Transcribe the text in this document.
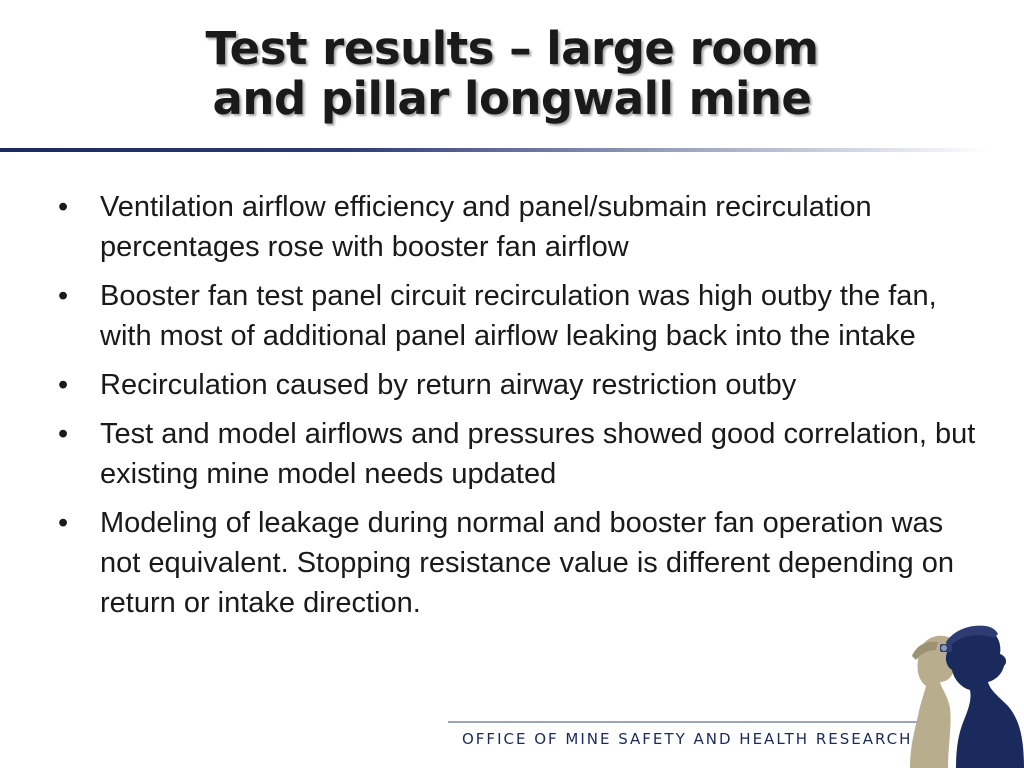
Test results – large room
and pillar longwall mine
• Ventilation airflow efficiency and panel/submain recirculation percentages rose with booster fan airflow
• Booster fan test panel circuit recirculation was high outby the fan, with most of additional panel airflow leaking back into the intake
• Recirculation caused by return airway restriction outby
• Test and model airflows and pressures showed good correlation, but existing mine model needs updated
• Modeling of leakage during normal and booster fan operation was not equivalent. Stopping resistance value is different depending on return or intake direction.
OFFICE OF MINE SAFETY AND HEALTH RESEARCH
